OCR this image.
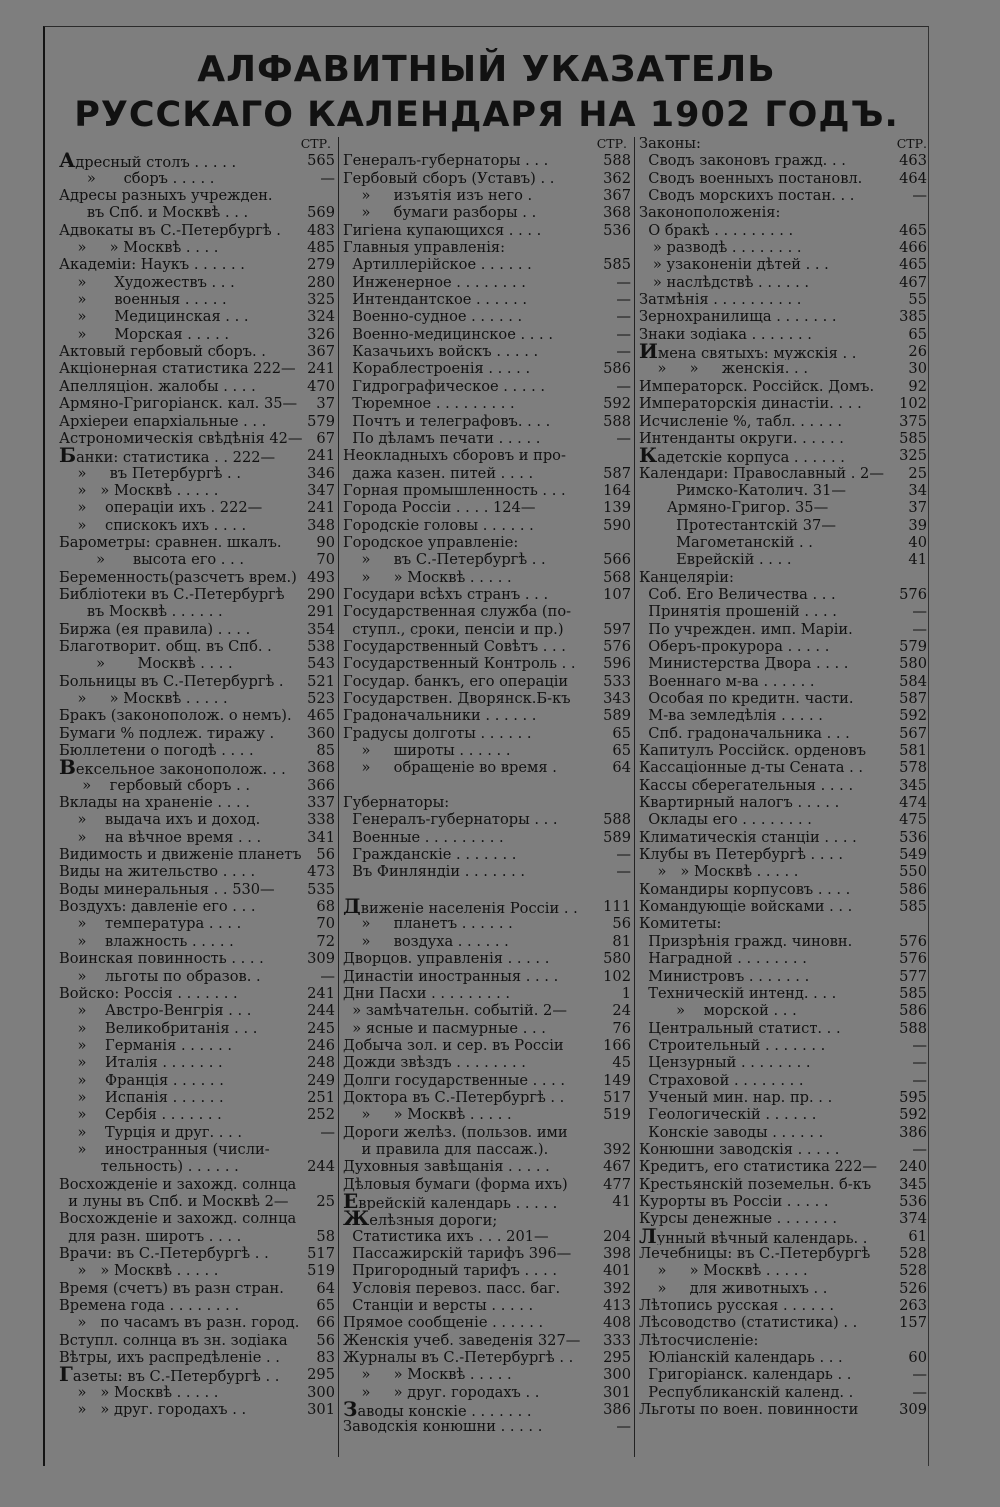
АЛФАВИТНЫЙ УКАЗАТЕЛЬ
РУССКАГО КАЛЕНДАРЯ НА 1902 ГОДЪ.
СТР.
Адресный столъ . . . . .	565
»      сборъ . . . . .	—
Адресы разныхъ учрежден.
въ Спб. и Москвѣ . . .	569
Адвокаты въ С.-Петербургѣ .	483
»     » Москвѣ . . . .	485
Академіи: Наукъ . . . . . .	279
»      Художествъ . . .	280
»      военныя . . . . .	325
»      Медицинская . . .	324
»      Морская . . . . .	326
Актовый гербовый сборъ. .	367
Акціонерная статистика 222— 241
Апелляціон. жалобы . . . .	470
Армяно-Григоріанск. кал. 35—	37
Архіереи епархіальные . . .	579
Астрономическія свѣдѣнія 42— 67
Банки: статистика . . 222—	241
»     въ Петербургѣ . .	346
»   » Москвѣ . . . . .	347
»    операціи ихъ . 222—	241
»    спискокъ ихъ . . . .	348
Барометры: сравнен. шкалъ.	90
»      высота его . . .	70
Беременность(разсчетъ врем.) 493
Библіотеки въ С.-Петербургѣ	290
въ Москвѣ . . . . . .	291
Биржа (ея правила) . . . .	354
Благотворит. общ. въ Спб. .	538
»       Москвѣ . . . .	543
Больницы въ С.-Петербургѣ .	521
»     » Москвѣ . . . . .	523
Бракъ (законополож. о немъ).	465
Бумаги % подлеж. тиражу .	360
Бюллетени о погодѣ . . . .	85
Вексельное законополож. . .	368
»    гербовый сборъ . .	366
Вклады на храненіе . . . .	337
»    выдача ихъ и доход.	338
»    на вѣчное время . . .	341
Видимость и движеніе планетъ	56
Виды на жительство . . . .	473
Воды минеральныя . . 530—	535
Воздухъ: давленіе его . . .	68
»    температура . . . .	70
»    влажность . . . . .	72
Воинская повинность . . . .	309
»    льготы по образов. .	—
Войско: Россія . . . . . . .	241
»    Австро-Венгрія . . .	244
»    Великобританія . . .	245
»    Германія . . . . . .	246
»    Италія . . . . . . .	248
»    Франція . . . . . .	249
»    Испанія . . . . . .	251
»    Сербія . . . . . . .	252
»    Турція и друг. . . .	—
»    иностранныя (числи-
тельность) . . . . . .	244
Восхожденіе и захожд. солнца
и луны въ Спб. и Москвѣ 2—	25
Восхожденіе и захожд. солнца
для разн. широтъ . . . .	58
Врачи: въ С.-Петербургѣ . .	517
»   » Москвѣ . . . . .	519
Время (счетъ) въ разн стран.	64
Времена года . . . . . . . .	65
»   по часамъ въ разн. город.	66
Вступл. солнца въ зн. зодіака	56
Вѣтры, ихъ распредѣленіе . .	83
Газеты: въ С.-Петербургѣ . .	295
»   » Москвѣ . . . . .	300
»   » друг. городахъ . .	301
СТР.
Генералъ-губернаторы . . .	588
Гербовый сборъ (Уставъ) . .	362
»     изъятія изъ него .	367
»     бумаги разборы . .	368
Гигіена купающихся . . . .	536
Главныя управленія:
Артиллерійское . . . . . .	585
Инженерное . . . . . . . .	—
Интендантское . . . . . .	—
Военно-судное . . . . . .	—
Военно-медицинское . . . .	—
Казачьихъ войскъ . . . . .	—
Кораблестроенія . . . . .	586
Гидрографическое . . . . .	—
Тюремное . . . . . . . . .	592
Почтъ и телеграфовъ. . . .	588
По дѣламъ печати . . . . .	—
Неокладныхъ сборовъ и про-
дажа казен. питей . . . .	587
Горная промышленность . . .	164
Города Россіи . . . . 124—	139
Городскіе головы . . . . . .	590
Городское управленіе:
»     въ С.-Петербургѣ . .	566
»     » Москвѣ . . . . .	568
Государи всѣхъ странъ . . .	107
Государственная служба (по-
ступл., сроки, пенсіи и пр.)	597
Государственный Совѣтъ . . .	576
Государственный Контроль . .	596
Государ. банкъ, его операціи	533
Государствен. Дворянск.Б-къ	343
Градоначальники . . . . . .	589
Градусы долготы . . . . . .	65
»     широты . . . . . .	65
»     обращеніе во время .	64
Губернаторы:
Генералъ-губернаторы . . .	588
Военные . . . . . . . . .	589
Гражданскіе . . . . . . .	—
Въ Финляндіи . . . . . . .	—
Движеніе населенія Россіи . .	111
»     планетъ . . . . . .	56
»     воздуха . . . . . .	81
Дворцов. управленія . . . . .	580
Династіи иностранныя . . . .	102
Дни Пасхи . . . . . . . . .	1
» замѣчательн. событій. 2—	24
» ясные и пасмурные . . .	76
Добыча зол. и сер. въ Россіи	166
Дожди звѣздъ . . . . . . . .	45
Долги государственные . . . .	149
Доктора въ С.-Петербургѣ . .	517
»     » Москвѣ . . . . .	519
Дороги желѣз. (пользов. ими
и правила для пассаж.).	392
Духовныя завѣщанія . . . . .	467
Дѣловыя бумаги (форма ихъ)	477
Еврейскій календарь . . . . .	41
Желѣзныя дороги;
Статистика ихъ . . . 201—	204
Пассажирскій тарифъ 396—	398
Пригородный тарифъ . . . .	401
Условія перевоз. пасс. баг.	392
Станціи и версты . . . . .	413
Прямое сообщеніе . . . . . .	408
Женскія учеб. заведенія 327—	333
Журналы въ С.-Петербургѣ . .	295
»     » Москвѣ . . . . .	300
»     » друг. городахъ . .	301
Заводы конскіе . . . . . . .	386
Заводскія конюшни . . . . .	—
Законы:	СТР.
Сводъ законовъ гражд. . .	463
Сводъ военныхъ постановл.	464
Сводъ морскихъ постан. . .	—
Законоположенія:
О бракѣ . . . . . . . . .	465
» разводѣ . . . . . . . .	466
» узаконеніи дѣтей . . .	465
» наслѣдствѣ . . . . . .	467
Затмѣнія . . . . . . . . . .	55
Зернохранилища . . . . . . .	385
Знаки зодіака . . . . . . .	65
Имена святыхъ: мужскія . .	26
»     »     женскія. . .	30
Императорск. Россійск. Домъ.	92
Императорскія династіи. . . .	102
Исчисленіе %, табл. . . . . .	375
Интенданты округи. . . . . .	585
Кадетскіе корпуса . . . . . .	325
Календари: Православный . 2—	25
Римско-Католич. 31—	34
Армяно-Григор. 35—	37
Протестантскій 37—	39
Магометанскій . .	40
Еврейскій . . . .	41
Канцеляріи:
Соб. Его Величества . . .	576
Принятія прошеній . . . .	—
По учрежден. имп. Маріи.	—
Оберъ-прокурора . . . . .	579
Министерства Двора . . . .	580
Военнаго м-ва . . . . . .	584
Особая по кредитн. части.	587
М-ва земледѣлія . . . . .	592
Спб. градоначальника . . .	567
Капитулъ Россійск. орденовъ	581
Кассаціонные д-ты Сената . .	578
Кассы сберегательныя . . . .	345
Квартирный налогъ . . . . .	474
Оклады его . . . . . . . .	475
Климатическія станціи . . . .	536
Клубы въ Петербургѣ . . . .	549
»   » Москвѣ . . . . .	550
Командиры корпусовъ . . . .	586
Командующіе войсками . . .	585
Комитеты:
Призрѣнія гражд. чиновн.	576
Наградной . . . . . . . .	576
Министровъ . . . . . . .	577
Техническій интенд. . . .	585
»    морской . . .	586
Центральный статист. . .	588
Строительный . . . . . . .	—
Цензурный . . . . . . . .	—
Страховой . . . . . . . .	—
Ученый мин. нар. пр. . .	595
Геологическій . . . . . .	592
Конскіе заводы . . . . . .	386
Конюшни заводскія . . . . .	—
Кредитъ, его статистика 222—	240
Крестьянскій поземельн. б-къ	345
Курорты въ Россіи . . . . .	536
Курсы денежные . . . . . . .	374
Лунный вѣчный календарь. .	61
Лечебницы: въ С.-Петербургѣ	528
»     » Москвѣ . . . . .	528
»     для животныхъ . .	526
Лѣтопись русская . . . . . .	263
Лѣсоводство (статистика) . .	157
Лѣтосчисленіе:
Юліанскій календарь . . .	60
Григоріанск. календарь . .	—
Республиканскій календ. .	—
Льготы по воен. повинности	309
